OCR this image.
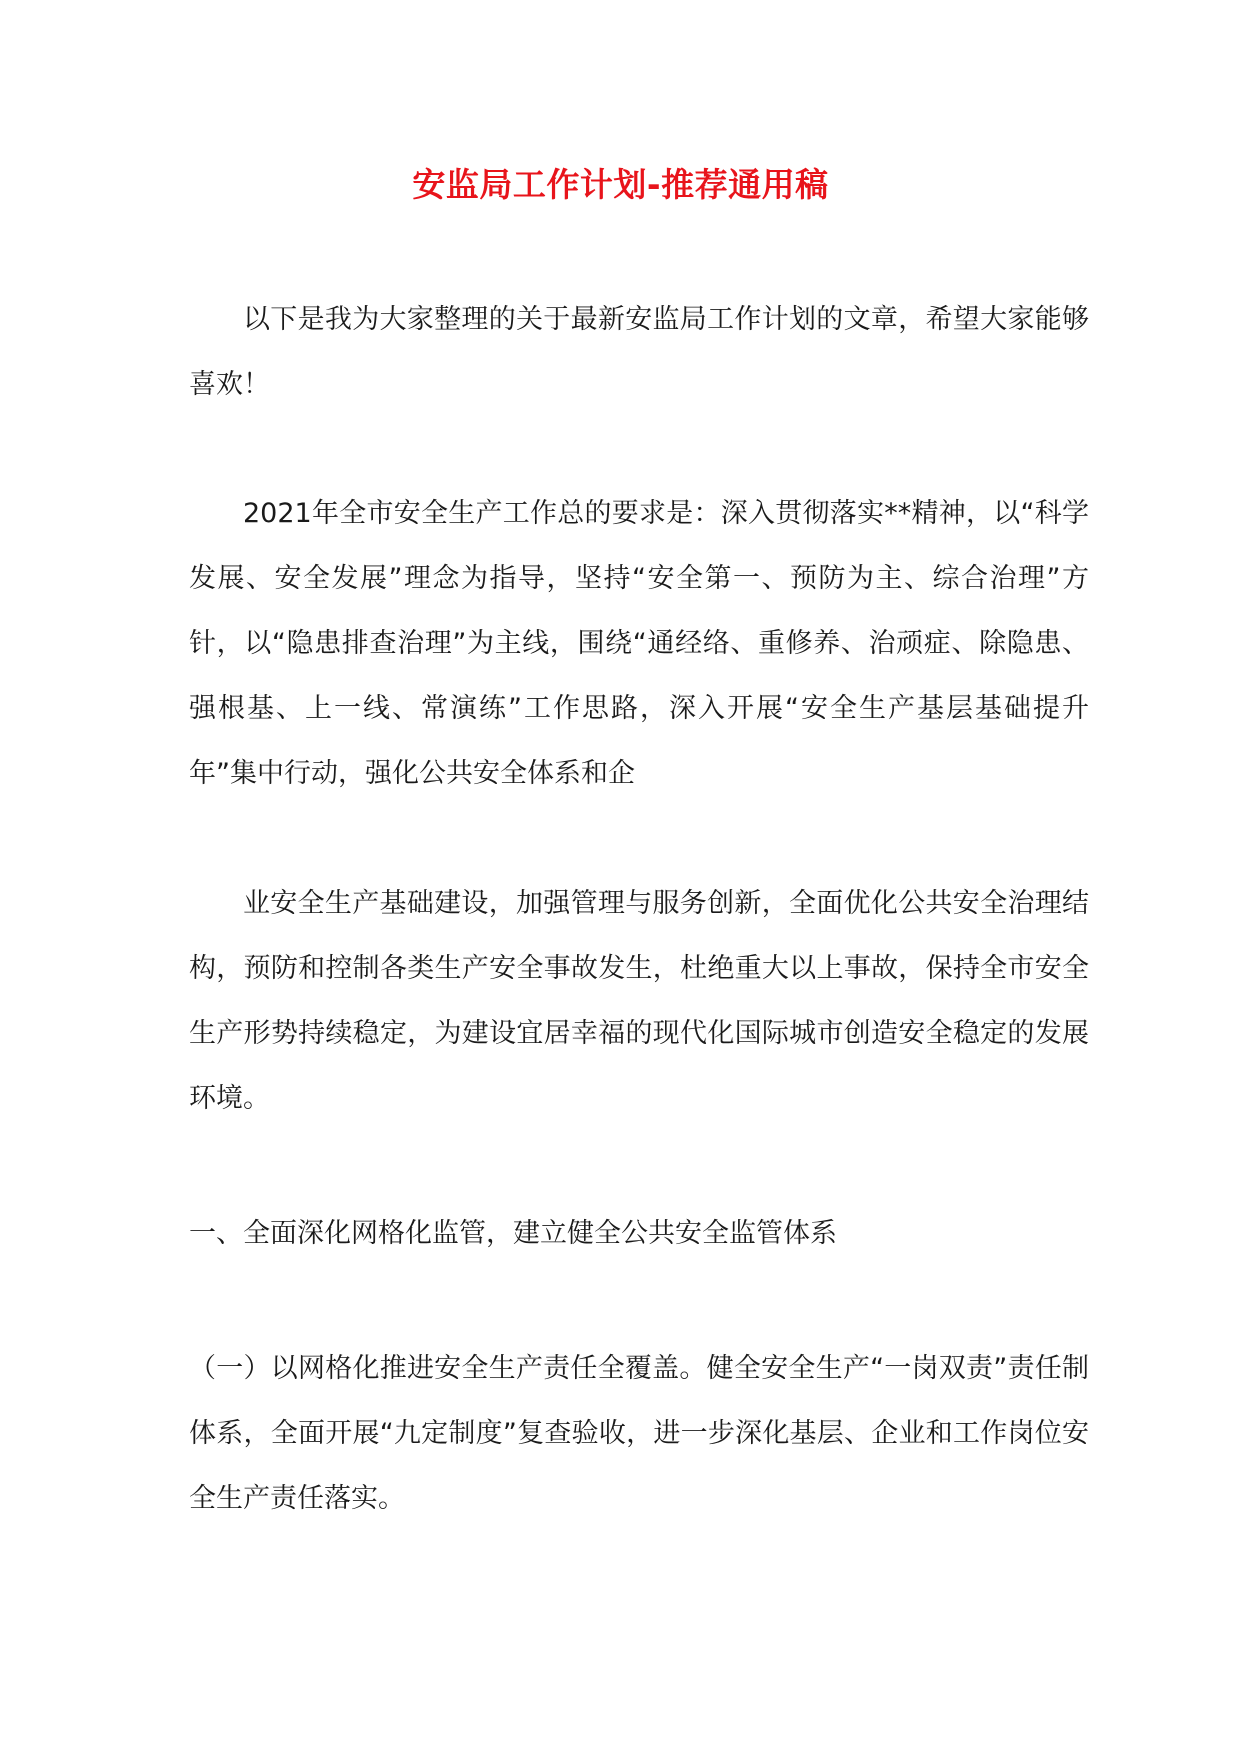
安监局工作计划-推荐通用稿

以下是我为大家整理的关于最新安监局工作计划的文章，希望大家能够喜欢！

2021年全市安全生产工作总的要求是：深入贯彻落实**精神，以“科学发展、安全发展”理念为指导，坚持“安全第一、预防为主、综合治理”方针，以“隐患排查治理”为主线，围绕“通经络、重修养、治顽症、除隐患、强根基、上一线、常演练”工作思路，深入开展“安全生产基层基础提升年”集中行动，强化公共安全体系和企

业安全生产基础建设，加强管理与服务创新，全面优化公共安全治理结构，预防和控制各类生产安全事故发生，杜绝重大以上事故，保持全市安全生产形势持续稳定，为建设宜居幸福的现代化国际城市创造安全稳定的发展环境。

一、全面深化网格化监管，建立健全公共安全监管体系

（一）以网格化推进安全生产责任全覆盖。健全安全生产“一岗双责”责任制体系，全面开展“九定制度”复查验收，进一步深化基层、企业和工作岗位安全生产责任落实。
